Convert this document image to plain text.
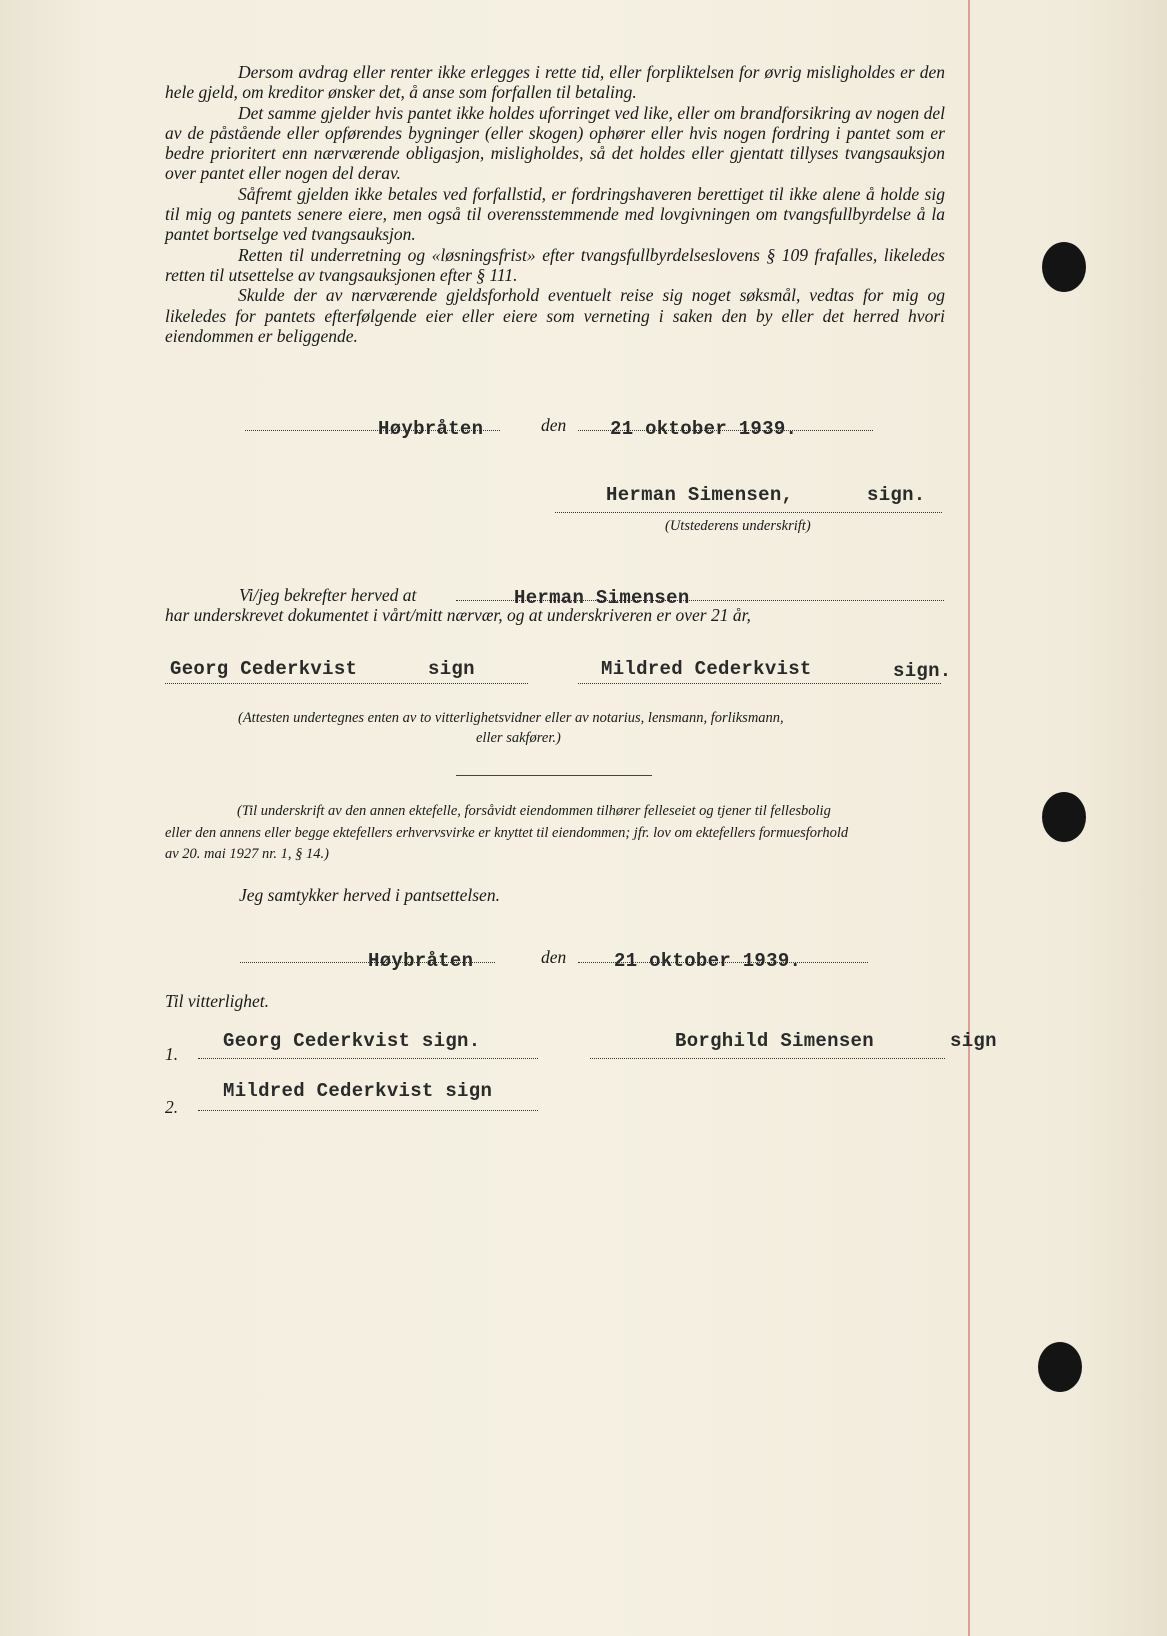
Dersom avdrag eller renter ikke erlegges i rette tid, eller forpliktelsen for øvrig misligholdes er den hele gjeld, om kreditor ønsker det, å anse som forfallen til betaling.

Det samme gjelder hvis pantet ikke holdes uforringet ved like, eller om brandforsikring av nogen del av de påstående eller opførendes bygninger (eller skogen) ophører eller hvis nogen fordring i pantet som er bedre prioritert enn nærværende obligasjon, misligholdes, så det holdes eller gjentatt tillyses tvangsauksjon over pantet eller nogen del derav.

Såfremt gjelden ikke betales ved forfallstid, er fordringshaveren berettiget til ikke alene å holde sig til mig og pantets senere eiere, men også til overensstemmende med lovgivningen om tvangsfullbyrdelse å la pantet bortselge ved tvangsauksjon.

Retten til underretning og «løsningsfrist» efter tvangsfullbyrdelseslovens § 109 frafalles, likeledes retten til utsettelse av tvangsauksjonen efter § 111.

Skulde der av nærværende gjeldsforhold eventuelt reise sig noget søksmål, vedtas for mig og likeledes for pantets efterfølgende eier eller eiere som verneting i saken den by eller det herred hvori eiendommen er beliggende.

Høybråten	den 21 oktober 1939.
Herman Simensen,	sign.
(Utstederens underskrift)
Vi/jeg bekrefter herved at	Herman Simensen
har underskrevet dokumentet i vårt/mitt nærvær, og at underskriveren er over 21 år,
Georg Cederkvist	sign	Mildred Cederkvist	sign.
(Attesten undertegnes enten av to vitterlighetsvidner eller av notarius, lensmann, forliksmann,
eller sakfører.)
(Til underskrift av den annen ektefelle, forsåvidt eiendommen tilhører felleseiet og tjener til fellesbolig
eller den annens eller begge ektefellers erhvervsvirke er knyttet til eiendommen; jfr. lov om ektefellers formuesforhold
av 20. mai 1927 nr. 1, § 14.)
Jeg samtykker herved i pantsettelsen.
Høybråten	den	21 oktober 1939.
Til vitterlighet.
1.
Georg Cederkvist sign.	Borghild Simensen	sign
2.
Mildred Cederkvist sign
